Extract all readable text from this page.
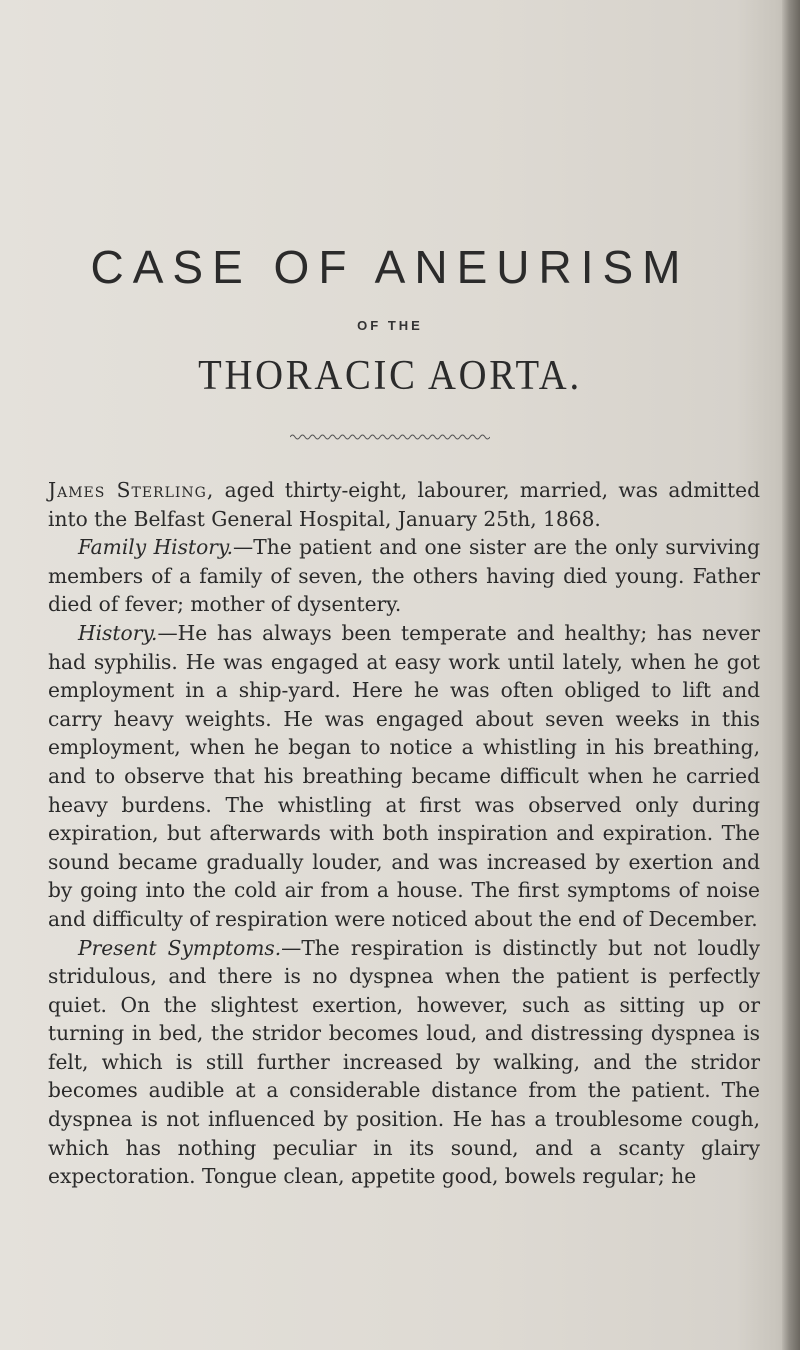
CASE OF ANEURISM
OF THE
THORACIC AORTA.

James Sterling, aged thirty-eight, labourer, married, was admitted into the Belfast General Hospital, January 25th, 1868.

Family History.—The patient and one sister are the only surviving members of a family of seven, the others having died young. Father died of fever; mother of dysentery.

History.—He has always been temperate and healthy; has never had syphilis. He was engaged at easy work until lately, when he got employment in a ship-yard. Here he was often obliged to lift and carry heavy weights. He was engaged about seven weeks in this employment, when he began to notice a whistling in his breathing, and to observe that his breathing became difficult when he carried heavy burdens. The whistling at first was observed only during expiration, but afterwards with both inspiration and expiration. The sound became gradually louder, and was increased by exertion and by going into the cold air from a house. The first symptoms of noise and difficulty of respiration were noticed about the end of December.

Present Symptoms.—The respiration is distinctly but not loudly stridulous, and there is no dyspnea when the patient is perfectly quiet. On the slightest exertion, however, such as sitting up or turning in bed, the stridor becomes loud, and distressing dyspnea is felt, which is still further increased by walking, and the stridor becomes audible at a considerable distance from the patient. The dyspnea is not influenced by position. He has a troublesome cough, which has nothing peculiar in its sound, and a scanty glairy expectoration. Tongue clean, appetite good, bowels regular; he
